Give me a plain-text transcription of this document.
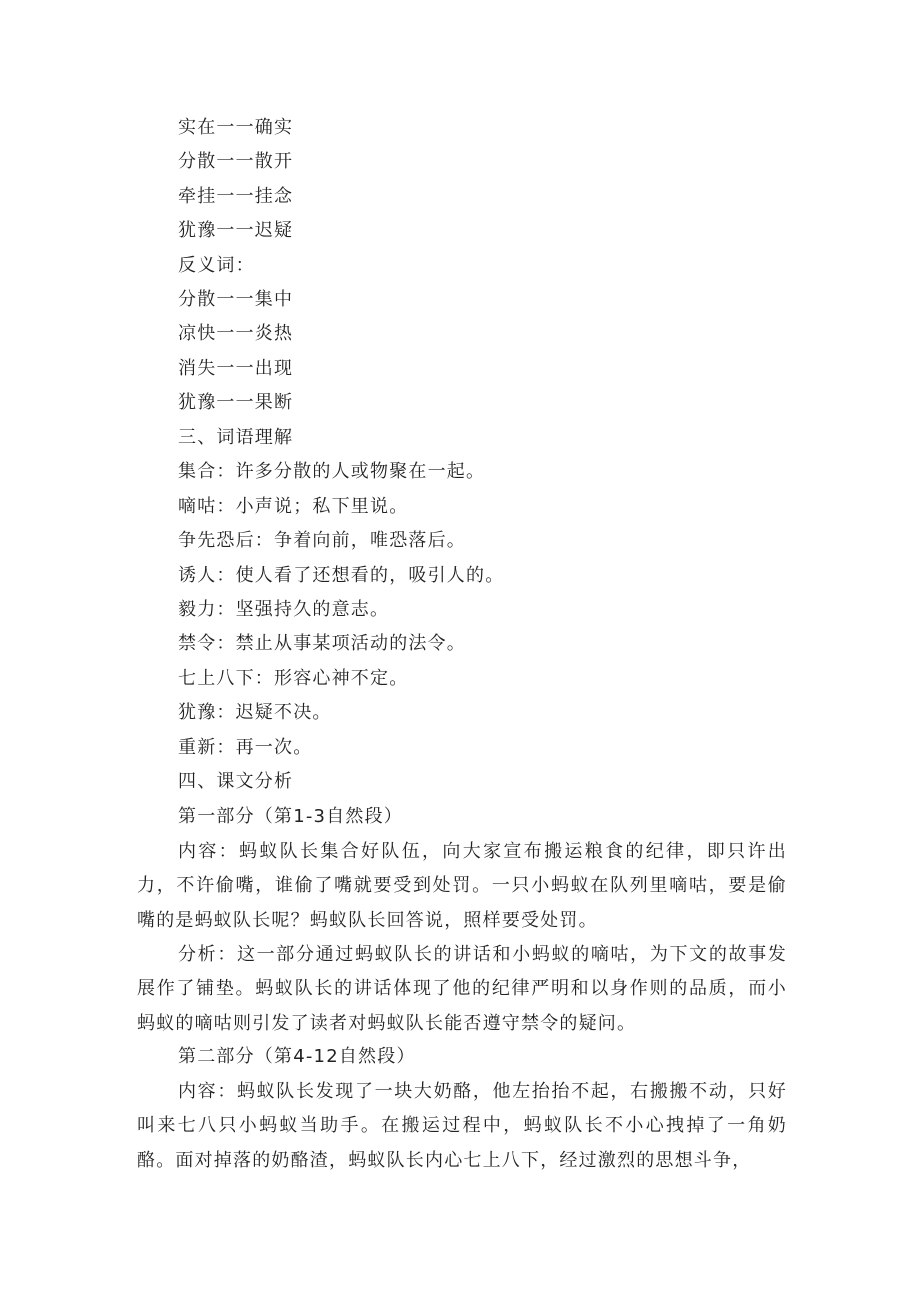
实在一一确实
分散一一散开
牵挂一一挂念
犹豫一一迟疑
反义词：
分散一一集中
凉快一一炎热
消失一一出现
犹豫一一果断
三、词语理解
集合：许多分散的人或物聚在一起。
嘀咕：小声说；私下里说。
争先恐后：争着向前，唯恐落后。
诱人：使人看了还想看的，吸引人的。
毅力：坚强持久的意志。
禁令：禁止从事某项活动的法令。
七上八下：形容心神不定。
犹豫：迟疑不决。
重新：再一次。
四、课文分析
第一部分（第1-3自然段）
内容：蚂蚁队长集合好队伍，向大家宣布搬运粮食的纪律，即只许出力，不许偷嘴，谁偷了嘴就要受到处罚。一只小蚂蚁在队列里嘀咕，要是偷嘴的是蚂蚁队长呢？蚂蚁队长回答说，照样要受处罚。
分析：这一部分通过蚂蚁队长的讲话和小蚂蚁的嘀咕，为下文的故事发展作了铺垫。蚂蚁队长的讲话体现了他的纪律严明和以身作则的品质，而小蚂蚁的嘀咕则引发了读者对蚂蚁队长能否遵守禁令的疑问。
第二部分（第4-12自然段）
内容：蚂蚁队长发现了一块大奶酪，他左抬抬不起，右搬搬不动，只好叫来七八只小蚂蚁当助手。在搬运过程中，蚂蚁队长不小心拽掉了一角奶酪。面对掉落的奶酪渣，蚂蚁队长内心七上八下，经过激烈的思想斗争，
